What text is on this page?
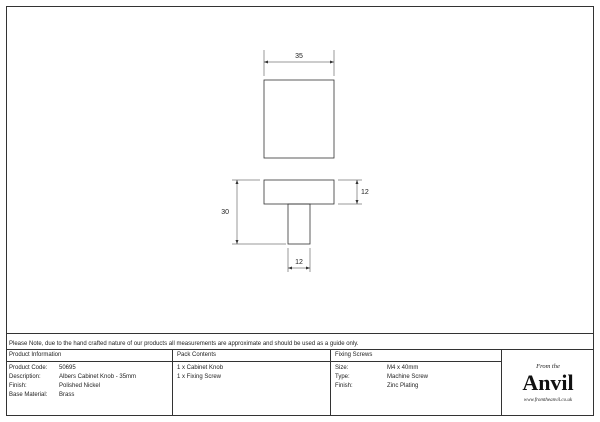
35
30
12
12
Please Note, due to the hand crafted nature of our products all measurements are approximate and should be used as a guide only.
Product Information
Product Code: 50695
Description:	Albers Cabinet Knob - 35mm
Finish:	Polished Nickel
Base Material: Brass
Pack Contents
1 x Cabinet Knob
1 x Fixing Screw
Fixing Screws
Size:	M4 x 40mm
Type:	Machine Screw
Finish:	Zinc Plating
From the
Anvil
www.fromtheanvil.co.uk
